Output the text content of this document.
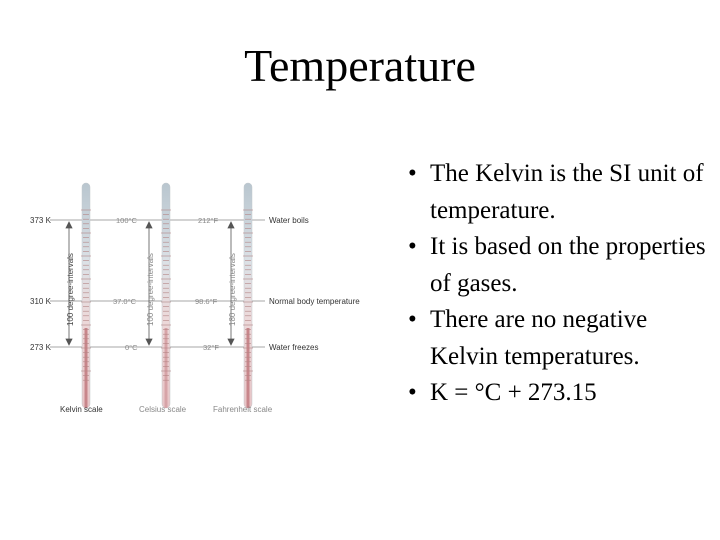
Temperature
• The Kelvin is the SI unit of temperature.
• It is based on the properties of gases.
• There are no negative Kelvin temperatures.
• K = °C + 273.15
373 K
310 K
273 K
100 degree-intervals
100°C
37.0°C
0°C
100 degree-intervals
212°F
98.6°F
32°F
180 degree-intervals
Water boils
Normal body temperature
Water freezes
Kelvin scale	Celsius scale	Fahrenheit scale
